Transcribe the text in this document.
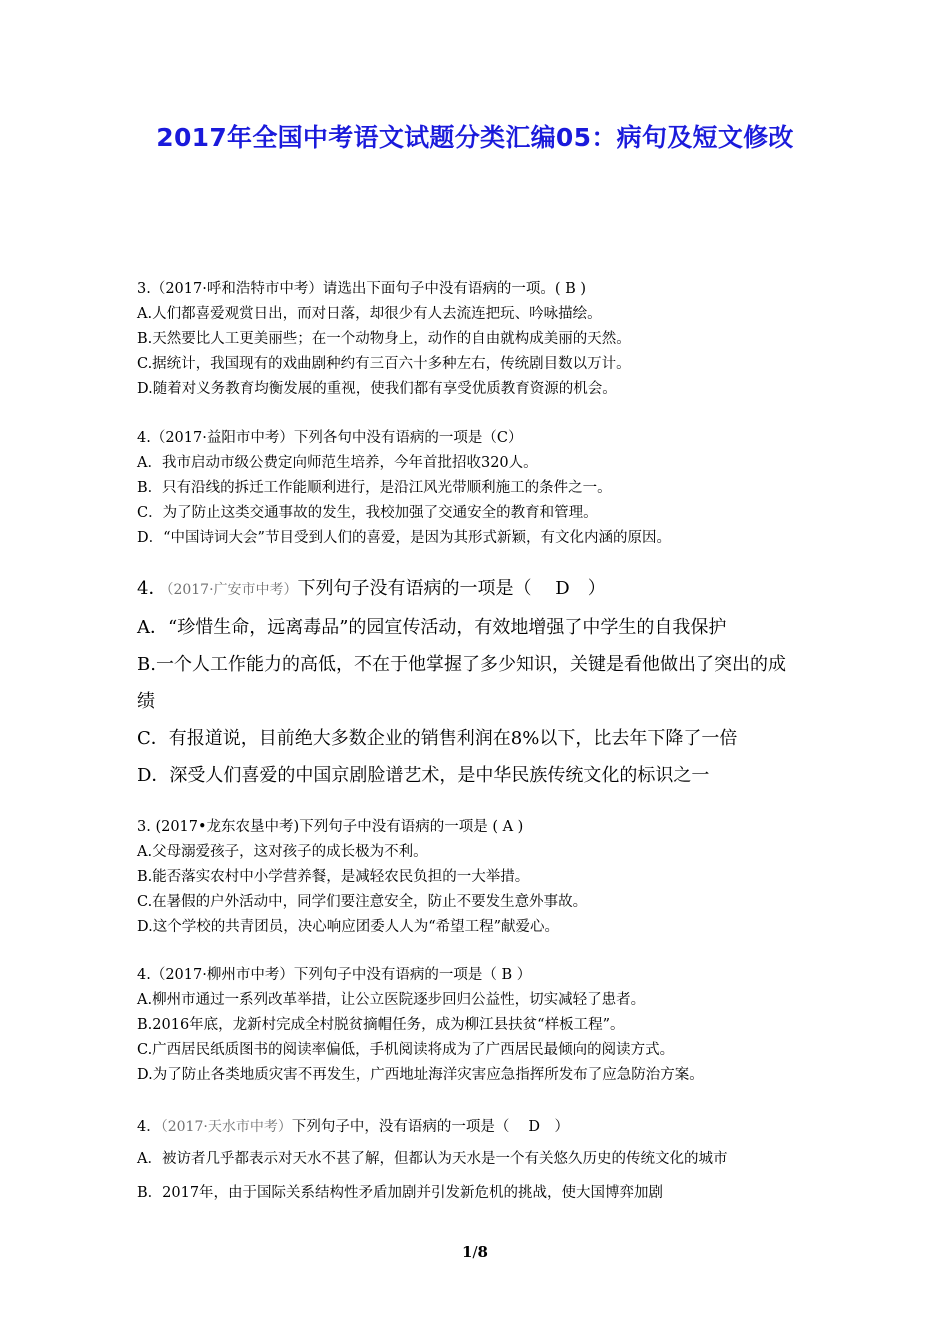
2017年全国中考语文试题分类汇编05：病句及短文修改
3.（2017·呼和浩特市中考）请选出下面句子中没有语病的一项。( B )
A.人们都喜爱观赏日出，而对日落，却很少有人去流连把玩、吟咏描绘。
B.天然要比人工更美丽些；在一个动物身上，动作的自由就构成美丽的天然。
C.据统计，我国现有的戏曲剧种约有三百六十多种左右，传统剧目数以万计。
D.随着对义务教育均衡发展的重视，使我们都有享受优质教育资源的机会。
4.（2017·益阳市中考）下列各句中没有语病的一项是（C）
A．我市启动市级公费定向师范生培养，今年首批招收320人。
B．只有沿线的拆迁工作能顺利进行，是沿江风光带顺利施工的条件之一。
C．为了防止这类交通事故的发生，我校加强了交通安全的教育和管理。
D．“中国诗词大会”节目受到人们的喜爱，是因为其形式新颖，有文化内涵的原因。
4．（2017·广安市中考）下列句子没有语病的一项是（　 D　）
A．“珍惜生命，远离毒品”的园宣传活动，有效地增强了中学生的自我保护
B.一个人工作能力的高低，不在于他掌握了多少知识，关键是看他做出了突出的成
绩
C．有报道说，目前绝大多数企业的销售利润在8%以下，比去年下降了一倍
D．深受人们喜爱的中国京剧脸谱艺术，是中华民族传统文化的标识之一
3. (2017•龙东农垦中考)下列句子中没有语病的一项是 ( A )
A.父母溺爱孩子，这对孩子的成长极为不利。
B.能否落实农村中小学营养餐，是减轻农民负担的一大举措。
C.在暑假的户外活动中，同学们要注意安全，防止不要发生意外事故。
D.这个学校的共青团员，决心响应团委人人为“希望工程”献爱心。
4.（2017·柳州市中考）下列句子中没有语病的一项是（ B ）
A.柳州市通过一系列改革举措，让公立医院逐步回归公益性，切实减轻了患者。
B.2016年底，龙新村完成全村脱贫摘帽任务，成为柳江县扶贫“样板工程”。
C.广西居民纸质图书的阅读率偏低，手机阅读将成为了广西居民最倾向的阅读方式。
D.为了防止各类地质灾害不再发生，广西地址海洋灾害应急指挥所发布了应急防治方案。
4．（2017·天水市中考）下列句子中，没有语病的一项是（　 D　）
A．被访者几乎都表示对天水不甚了解，但都认为天水是一个有关悠久历史的传统文化的城市
B．2017年，由于国际关系结构性矛盾加剧并引发新危机的挑战，使大国博弈加剧
1/8
